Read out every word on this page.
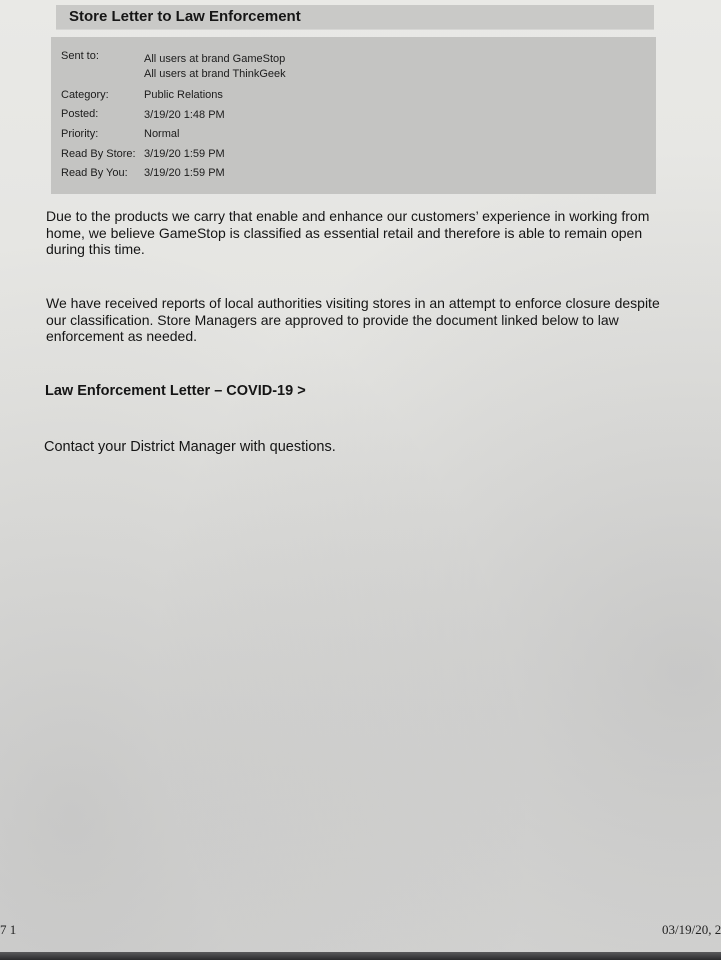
Store Letter to Law Enforcement
Sent to:	All users at brand GameStop
All users at brand ThinkGeek
Category:	Public Relations
Posted:	3/19/20 1:48 PM
Priority:	Normal
Read By Store: 3/19/20 1:59 PM
Read By You: 3/19/20 1:59 PM
Due to the products we carry that enable and enhance our customers’ experience in working from home, we believe GameStop is classified as essential retail and therefore is able to remain open during this time.
We have received reports of local authorities visiting stores in an attempt to enforce closure despite our classification. Store Managers are approved to provide the document linked below to law enforcement as needed.
Law Enforcement Letter – COVID-19 >
Contact your District Manager with questions.
7 1	03/19/20, 2
